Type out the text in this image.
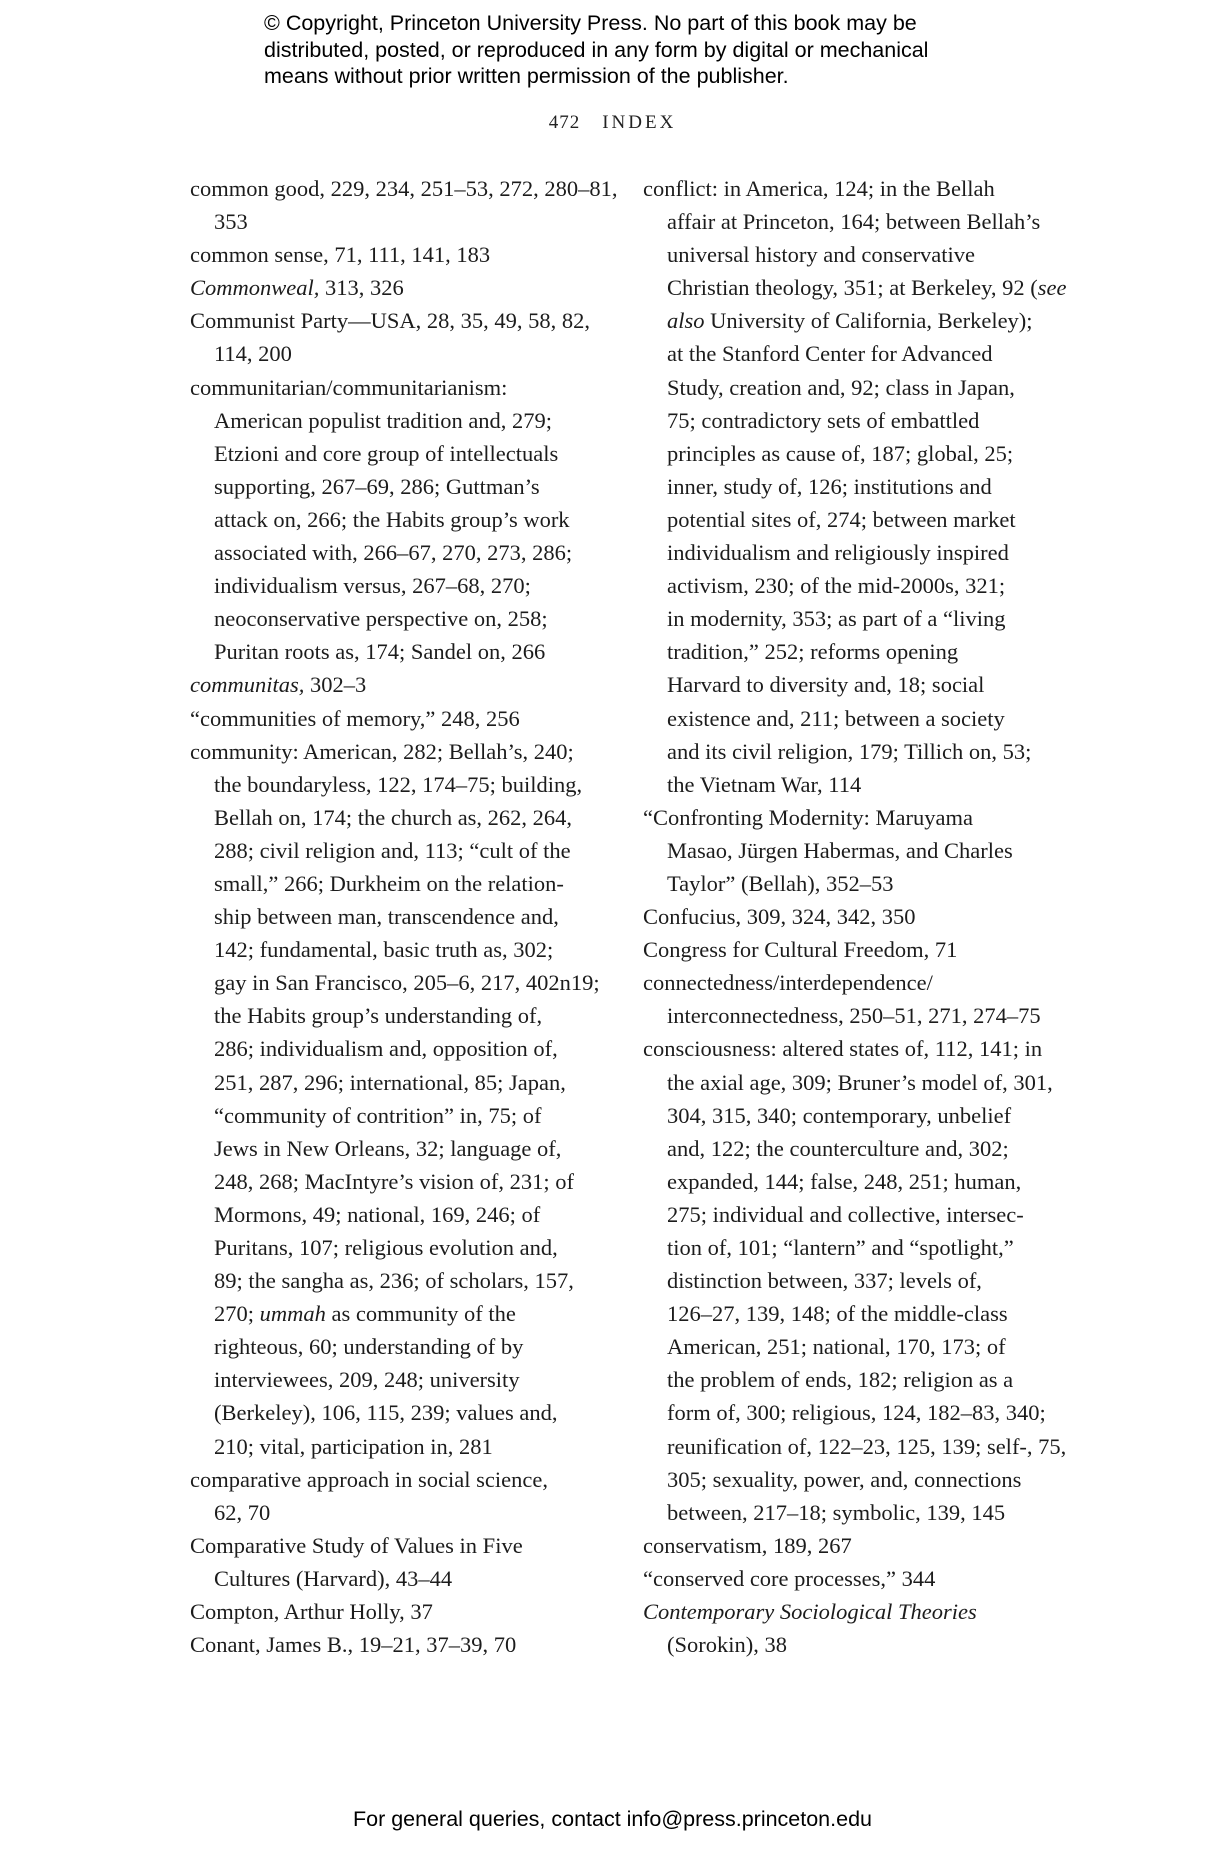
© Copyright, Princeton University Press. No part of this book may be
distributed, posted, or reproduced in any form by digital or mechanical
means without prior written permission of the publisher.
472 INDEX
common good, 229, 234, 251–53, 272, 280–81,
353
common sense, 71, 111, 141, 183
Commonweal, 313, 326
Communist Party—USA, 28, 35, 49, 58, 82,
114, 200
communitarian/communitarianism:
American populist tradition and, 279;
Etzioni and core group of intellectuals
supporting, 267–69, 286; Guttman’s
attack on, 266; the Habits group’s work
associated with, 266–67, 270, 273, 286;
individualism versus, 267–68, 270;
neoconservative perspective on, 258;
Puritan roots as, 174; Sandel on, 266
communitas, 302–3
“communities of memory,” 248, 256
community: American, 282; Bellah’s, 240;
the boundaryless, 122, 174–75; building,
Bellah on, 174; the church as, 262, 264,
288; civil religion and, 113; “cult of the
small,” 266; Durkheim on the relation-
ship between man, transcendence and,
142; fundamental, basic truth as, 302;
gay in San Francisco, 205–6, 217, 402n19;
the Habits group’s understanding of,
286; individualism and, opposition of,
251, 287, 296; international, 85; Japan,
“community of contrition” in, 75; of
Jews in New Orleans, 32; language of,
248, 268; MacIntyre’s vision of, 231; of
Mormons, 49; national, 169, 246; of
Puritans, 107; religious evolution and,
89; the sangha as, 236; of scholars, 157,
270; ummah as community of the
righteous, 60; understanding of by
interviewees, 209, 248; university
(Berkeley), 106, 115, 239; values and,
210; vital, participation in, 281
comparative approach in social science,
62, 70
Comparative Study of Values in Five
Cultures (Harvard), 43–44
Compton, Arthur Holly, 37
Conant, James B., 19–21, 37–39, 70
conflict: in America, 124; in the Bellah
affair at Princeton, 164; between Bellah’s
universal history and conservative
Christian theology, 351; at Berkeley, 92 (see
also University of California, Berkeley);
at the Stanford Center for Advanced
Study, creation and, 92; class in Japan,
75; contradictory sets of embattled
principles as cause of, 187; global, 25;
inner, study of, 126; institutions and
potential sites of, 274; between market
individualism and religiously inspired
activism, 230; of the mid-2000s, 321;
in modernity, 353; as part of a “living
tradition,” 252; reforms opening
Harvard to diversity and, 18; social
existence and, 211; between a society
and its civil religion, 179; Tillich on, 53;
the Vietnam War, 114
“Confronting Modernity: Maruyama
Masao, Jürgen Habermas, and Charles
Taylor” (Bellah), 352–53
Confucius, 309, 324, 342, 350
Congress for Cultural Freedom, 71
connectedness/interdependence/
interconnectedness, 250–51, 271, 274–75
consciousness: altered states of, 112, 141; in
the axial age, 309; Bruner’s model of, 301,
304, 315, 340; contemporary, unbelief
and, 122; the counterculture and, 302;
expanded, 144; false, 248, 251; human,
275; individual and collective, intersec-
tion of, 101; “lantern” and “spotlight,”
distinction between, 337; levels of,
126–27, 139, 148; of the middle-class
American, 251; national, 170, 173; of
the problem of ends, 182; religion as a
form of, 300; religious, 124, 182–83, 340;
reunification of, 122–23, 125, 139; self-, 75,
305; sexuality, power, and, connections
between, 217–18; symbolic, 139, 145
conservatism, 189, 267
“conserved core processes,” 344
Contemporary Sociological Theories
(Sorokin), 38
For general queries, contact info@press.princeton.edu
